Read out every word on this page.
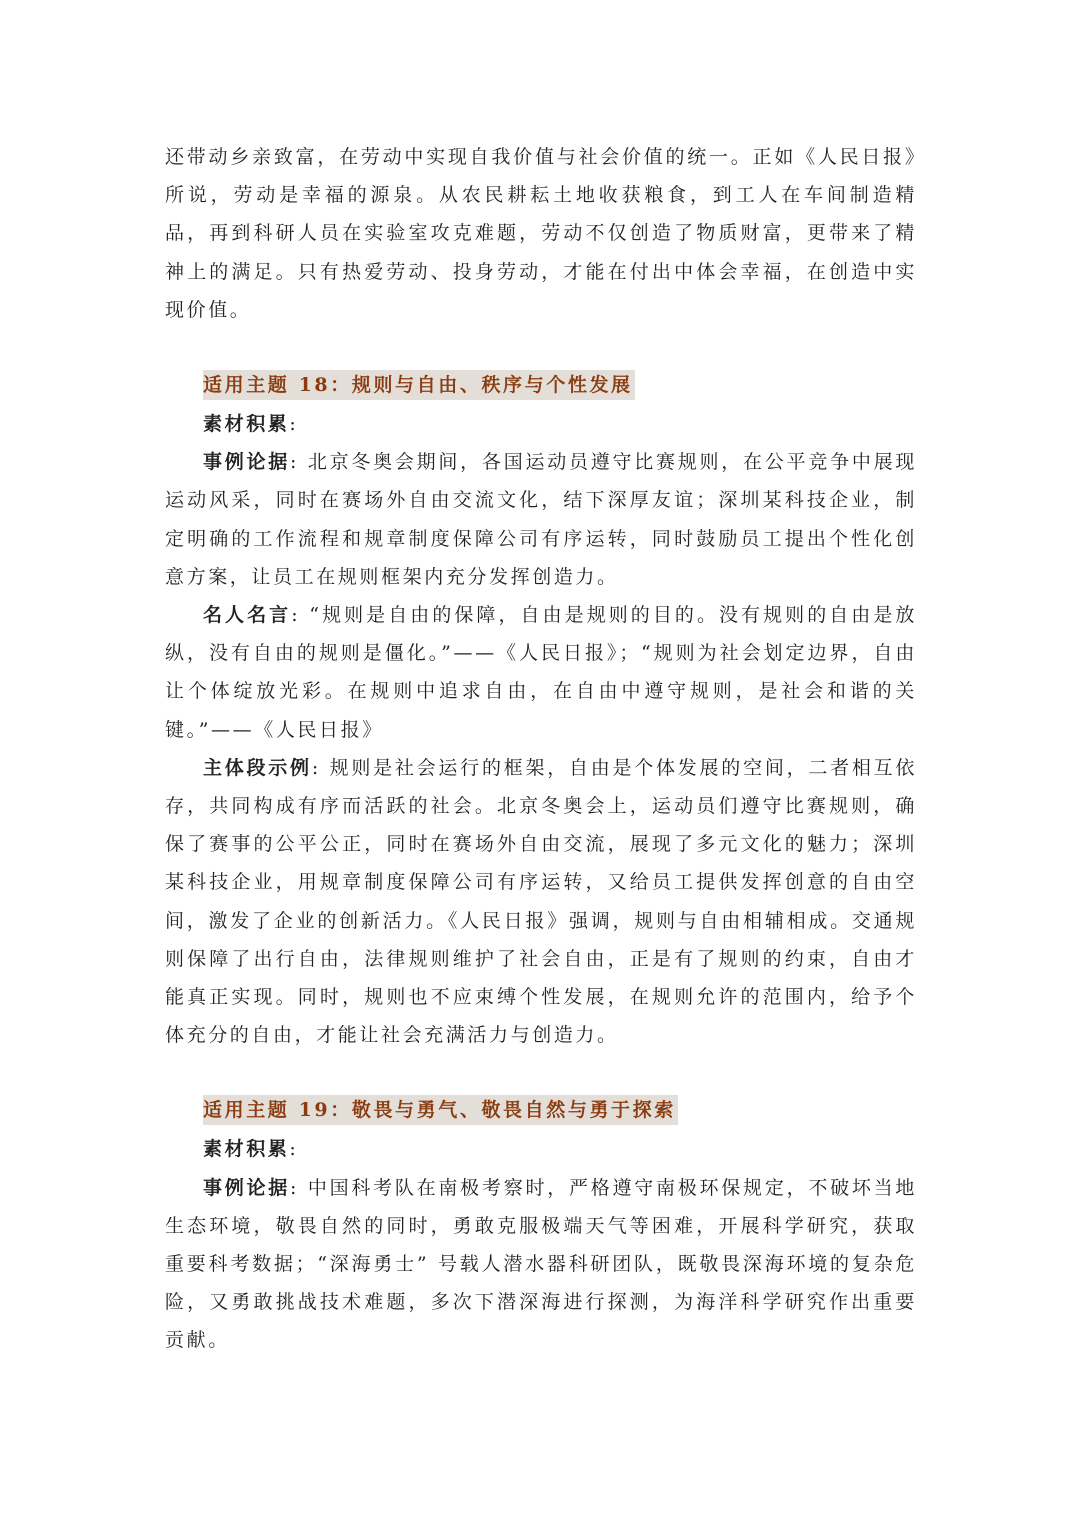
还带动乡亲致富，在劳动中实现自我价值与社会价值的统一。正如《人民日报》所说，劳动是幸福的源泉。从农民耕耘土地收获粮食，到工人在车间制造精品，再到科研人员在实验室攻克难题，劳动不仅创造了物质财富，更带来了精神上的满足。只有热爱劳动、投身劳动，才能在付出中体会幸福，在创造中实现价值。

适用主题 18：规则与自由、秩序与个性发展

素材积累:

事例论据: 北京冬奥会期间，各国运动员遵守比赛规则，在公平竞争中展现运动风采，同时在赛场外自由交流文化，结下深厚友谊；深圳某科技企业，制定明确的工作流程和规章制度保障公司有序运转，同时鼓励员工提出个性化创意方案，让员工在规则框架内充分发挥创造力。

名人名言: “规则是自由的保障，自由是规则的目的。没有规则的自由是放纵，没有自由的规则是僵化。”——《人民日报》；“规则为社会划定边界，自由让个体绽放光彩。在规则中追求自由，在自由中遵守规则，是社会和谐的关键。”——《人民日报》

主体段示例: 规则是社会运行的框架，自由是个体发展的空间，二者相互依存，共同构成有序而活跃的社会。北京冬奥会上，运动员们遵守比赛规则，确保了赛事的公平公正，同时在赛场外自由交流，展现了多元文化的魅力；深圳某科技企业，用规章制度保障公司有序运转，又给员工提供发挥创意的自由空间，激发了企业的创新活力。《人民日报》强调，规则与自由相辅相成。交通规则保障了出行自由，法律规则维护了社会自由，正是有了规则的约束，自由才能真正实现。同时，规则也不应束缚个性发展，在规则允许的范围内，给予个体充分的自由，才能让社会充满活力与创造力。

适用主题 19：敬畏与勇气、敬畏自然与勇于探索

素材积累:

事例论据: 中国科考队在南极考察时，严格遵守南极环保规定，不破坏当地生态环境，敬畏自然的同时，勇敢克服极端天气等困难，开展科学研究，获取重要科考数据；“深海勇士” 号载人潜水器科研团队，既敬畏深海环境的复杂危险，又勇敢挑战技术难题，多次下潜深海进行探测，为海洋科学研究作出重要贡献。
